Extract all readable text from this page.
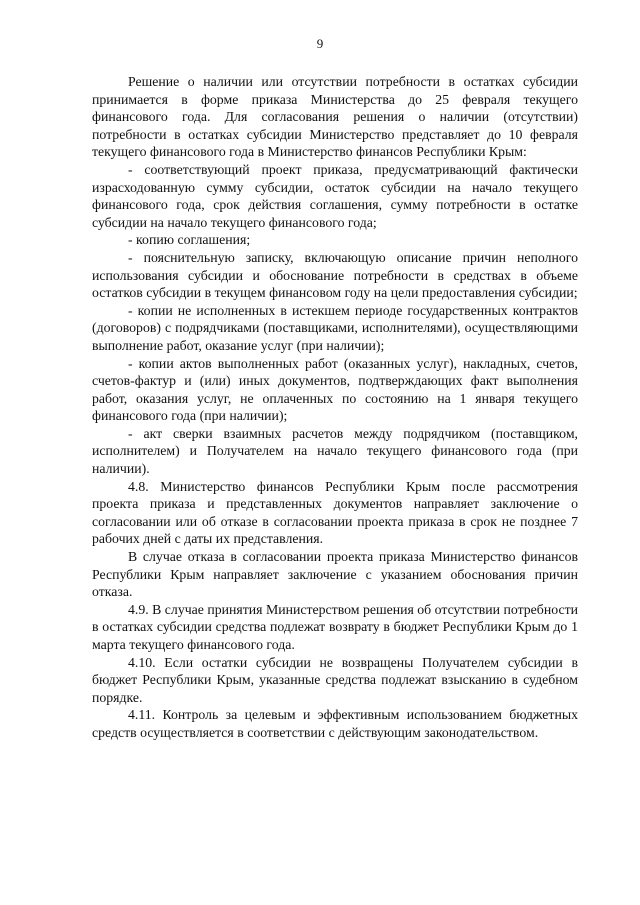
9

Решение о наличии или отсутствии потребности в остатках субсидии принимается в форме приказа Министерства до 25 февраля текущего финансового года. Для согласования решения о наличии (отсутствии) потребности в остатках субсидии Министерство представляет до 10 февраля текущего финансового года в Министерство финансов Республики Крым:

- соответствующий проект приказа, предусматривающий фактически израсходованную сумму субсидии, остаток субсидии на начало текущего финансового года, срок действия соглашения, сумму потребности в остатке субсидии на начало текущего финансового года;

- копию соглашения;

- пояснительную записку, включающую описание причин неполного использования субсидии и обоснование потребности в средствах в объеме остатков субсидии в текущем финансовом году на цели предоставления субсидии;

- копии не исполненных в истекшем периоде государственных контрактов (договоров) с подрядчиками (поставщиками, исполнителями), осуществляющими выполнение работ, оказание услуг (при наличии);

- копии актов выполненных работ (оказанных услуг), накладных, счетов, счетов-фактур и (или) иных документов, подтверждающих факт выполнения работ, оказания услуг, не оплаченных по состоянию на 1 января текущего финансового года (при наличии);

- акт сверки взаимных расчетов между подрядчиком (поставщиком, исполнителем) и Получателем на начало текущего финансового года (при наличии).

4.8. Министерство финансов Республики Крым после рассмотрения проекта приказа и представленных документов направляет заключение о согласовании или об отказе в согласовании проекта приказа в срок не позднее 7 рабочих дней с даты их представления.

В случае отказа в согласовании проекта приказа Министерство финансов Республики Крым направляет заключение с указанием обоснования причин отказа.

4.9. В случае принятия Министерством решения об отсутствии потребности в остатках субсидии средства подлежат возврату в бюджет Республики Крым до 1 марта текущего финансового года.

4.10. Если остатки субсидии не возвращены Получателем субсидии в бюджет Республики Крым, указанные средства подлежат взысканию в судебном порядке.

4.11. Контроль за целевым и эффективным использованием бюджетных средств осуществляется в соответствии с действующим законодательством.
